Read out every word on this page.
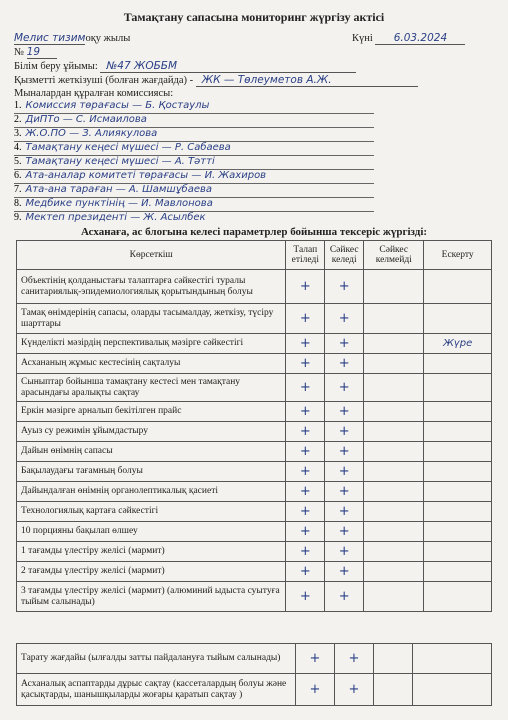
Тамақтану сапасына мониторинг жүргізу актісі
Мелис тизимоқу жылы	Күні 6.03.2024
№ 19
Білім беру ұйымы: №47 ЖОББМ
Қызметті жеткізуші (болған жағдайда) - ЖК — Төлеуметов А.Ж.
Мыналардан құралған комиссиясы:
1. Комиссия төрағасы — Б. Қостаулы
2. ДиПТо — С. Исмаилова
3. Ж.О.ПО — З. Алиякулова
4. Тамақтану кеңесі мүшесі — Р. Сабаева
5. Тамақтану кеңесі мүшесі — А. Тәтті
6. Ата-аналар комитеті төрағасы — И. Жахиров
7. Ата-ана тараған — А. Шамшұбаева
8. Медбике пунктінің — И. Мавлонова
9. Мектеп президенті — Ж. Асылбек
Асханаға, ас блогына келесі параметрлер бойынша тексеріс жүргізді:
Көрсеткіш	Талап етіледі	Сәйкес келеді	Сәйкес келмейді	Ескерту
Объектінің қолданыстағы талаптарға сәйкестігі туралы санитариялық-эпидемиологиялық қорытындының болуы	+	+		
Тамақ өнімдерінің сапасы, оларды тасымалдау, жеткізу, түсіру шарттары	+	+		
Күнделікті мәзірдің перспективалық мәзірге сәйкестігі	+	+		Жүре
Асхананың жұмыс кестесінің сақталуы	+	+		
Сыныптар бойынша тамақтану кестесі мен тамақтану арасындағы аралықты сақтау	+	+		
Еркін мәзірге арналып бекітілген прайс	+	+		
Ауыз су режимін ұйымдастыру	+	+		
Дайын өнімнің сапасы	+	+		
Бақылаудағы тағамның болуы	+	+		
Дайындалған өнімнің органолептикалық қасиеті	+	+		
Технологиялық картаға сәйкестігі	+	+		
10 порцияны бақылап өлшеу	+	+		
1 тағамды үлестіру желісі (мармит)	+	+		
2 тағамды үлестіру желісі (мармит)	+	+		
3 тағамды үлестіру желісі (мармит) (алюминий ыдыста суытуға тыйым салынады)	+	+		
Тарату жағдайы (ылғалды затты пайдалануға тыйым салынады)	+	+		
Асханалық аспаптарды дұрыс сақтау (кассеталардың болуы және қасықтарды, шанышқыларды жоғары қаратып сақтау )	+	+		
